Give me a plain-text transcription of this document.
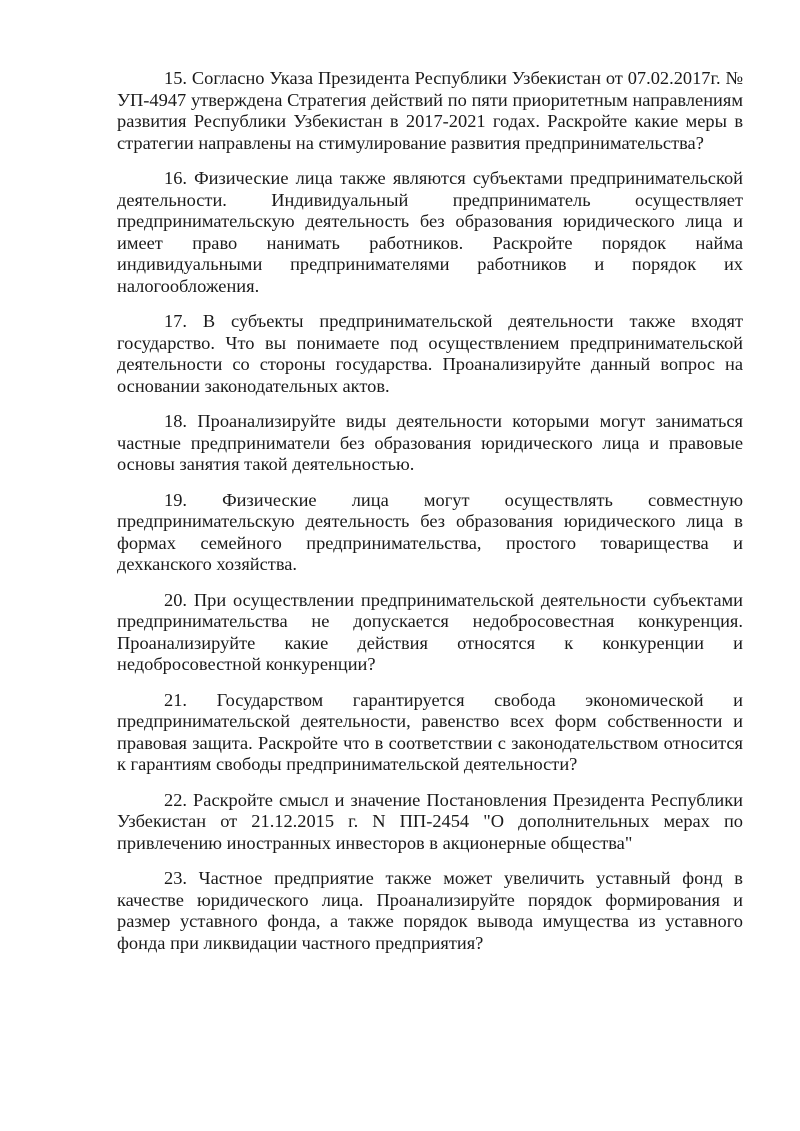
15. Согласно Указа Президента Республики Узбекистан от 07.02.2017г. № УП-4947 утверждена Стратегия действий по пяти приоритетным направлениям развития Республики Узбекистан в 2017-2021 годах. Раскройте какие меры в стратегии направлены на стимулирование развития предпринимательства?

16. Физические лица также являются субъектами предпринимательской деятельности. Индивидуальный предприниматель осуществляет предпринимательскую деятельность без образования юридического лица и имеет право нанимать работников. Раскройте порядок найма индивидуальными предпринимателями работников и порядок их налогообложения.

17. В субъекты предпринимательской деятельности также входят государство. Что вы понимаете под осуществлением предпринимательской деятельности со стороны государства. Проанализируйте данный вопрос на основании законодательных актов.

18. Проанализируйте виды деятельности которыми могут заниматься частные предприниматели без образования юридического лица и правовые основы занятия такой деятельностью.

19. Физические лица могут осуществлять совместную предпринимательскую деятельность без образования юридического лица в формах семейного предпринимательства, простого товарищества и дехканского хозяйства.

20. При осуществлении предпринимательской деятельности субъектами предпринимательства не допускается недобросовестная конкуренция. Проанализируйте какие действия относятся к конкуренции и недобросовестной конкуренции?

21. Государством гарантируется свобода экономической и предпринимательской деятельности, равенство всех форм собственности и правовая защита. Раскройте что в соответствии с законодательством относится к гарантиям свободы предпринимательской деятельности?

22. Раскройте смысл и значение Постановления Президента Республики Узбекистан от 21.12.2015 г. N ПП-2454 "О дополнительных мерах по привлечению иностранных инвесторов в акционерные общества"

23. Частное предприятие также может увеличить уставный фонд в качестве юридического лица. Проанализируйте порядок формирования и размер уставного фонда, а также порядок вывода имущества из уставного фонда при ликвидации частного предприятия?
